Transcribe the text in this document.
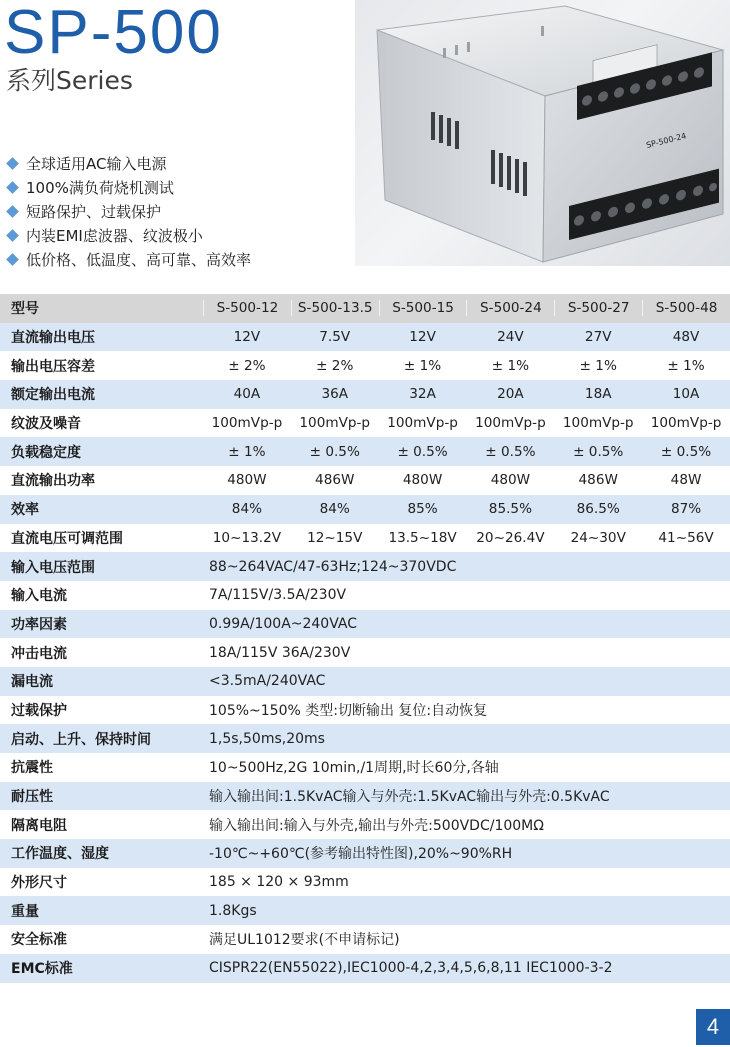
SP-500
系列Series
全球适用AC输入电源
100%满负荷烧机测试
短路保护、过载保护
内装EMI虑波器、纹波极小
低价格、低温度、高可靠、高效率
SP-500-24
型号	S-500-12	S-500-13.5	S-500-15	S-500-24	S-500-27	S-500-48
直流输出电压	12V	7.5V	12V	24V	27V	48V
输出电压容差	± 2%	± 2%	± 1%	± 1%	± 1%	± 1%
额定输出电流	40A	36A	32A	20A	18A	10A
纹波及噪音	100mVp-p	100mVp-p	100mVp-p	100mVp-p	100mVp-p	100mVp-p
负载稳定度	± 1%	± 0.5%	± 0.5%	± 0.5%	± 0.5%	± 0.5%
直流输出功率	480W	486W	480W	480W	486W	48W
效率	84%	84%	85%	85.5%	86.5%	87%
直流电压可调范围	10~13.2V	12~15V	13.5~18V	20~26.4V	24~30V	41~56V
输入电压范围	88~264VAC/47-63Hz;124~370VDC
输入电流	7A/115V/3.5A/230V
功率因素	0.99A/100A~240VAC
冲击电流	18A/115V 36A/230V
漏电流	<3.5mA/240VAC
过载保护	105%~150% 类型:切断输出 复位:自动恢复
启动、上升、保持时间	1,5s,50ms,20ms
抗震性	10~500Hz,2G 10min,/1周期,时长60分,各轴
耐压性	输入输出间:1.5KvAC输入与外壳:1.5KvAC输出与外壳:0.5KvAC
隔离电阻	输入输出间:输入与外壳,输出与外壳:500VDC/100MΩ
工作温度、湿度	-10℃~+60℃(参考输出特性图),20%~90%RH
外形尺寸	185 × 120 × 93mm
重量	1.8Kgs
安全标准	满足UL1012要求(不申请标记)
EMC标准	CISPR22(EN55022),IEC1000-4,2,3,4,5,6,8,11 IEC1000-3-2
4
